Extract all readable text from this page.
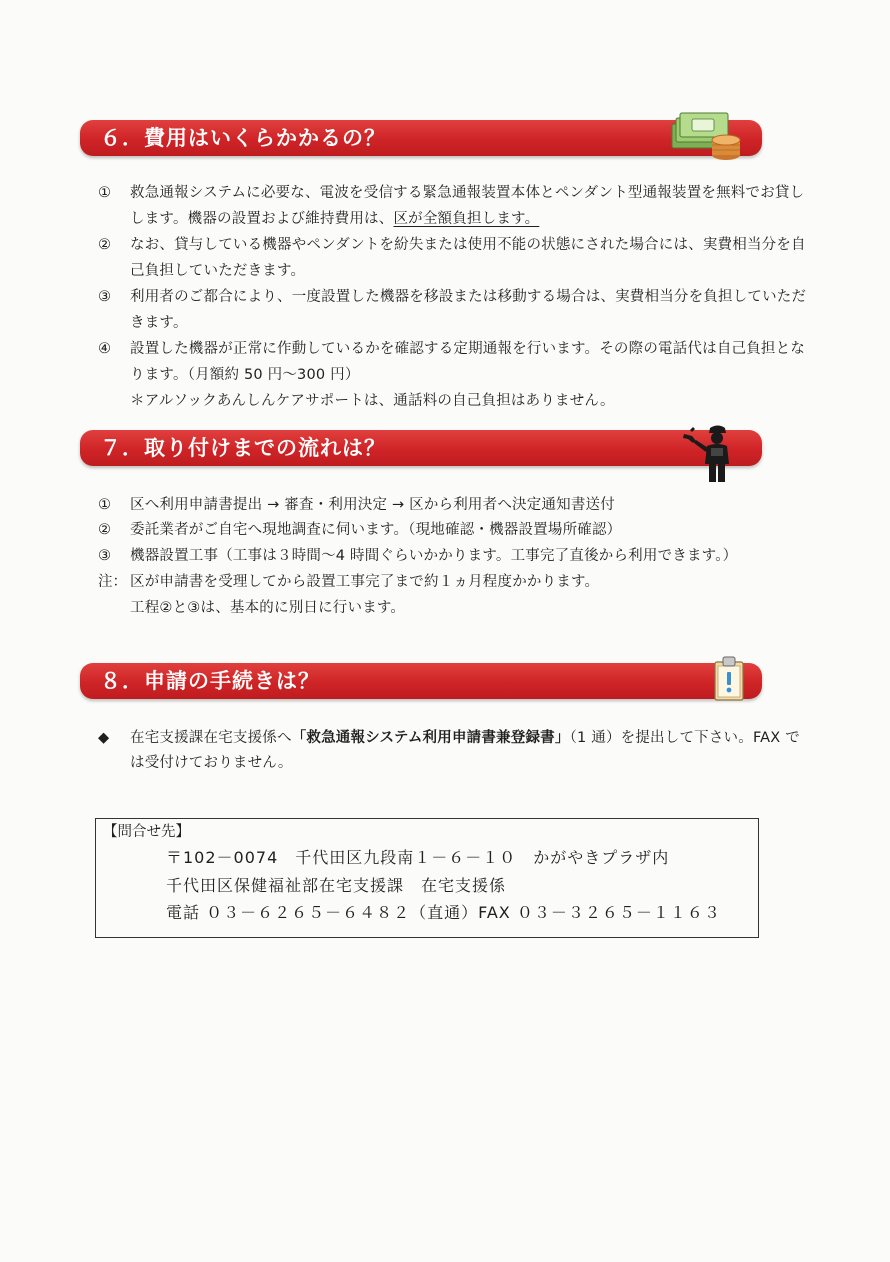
６．費用はいくらかかるの？
① 救急通報システムに必要な、電波を受信する緊急通報装置本体とペンダント型通報装置を無料でお貸し
します。機器の設置および維持費用は、区が全額負担します。
② なお、貸与している機器やペンダントを紛失または使用不能の状態にされた場合には、実費相当分を自
己負担していただきます。
③ 利用者のご都合により、一度設置した機器を移設または移動する場合は、実費相当分を負担していただ
きます。
④ 設置した機器が正常に作動しているかを確認する定期通報を行います。その際の電話代は自己負担とな
ります。（月額約 50 円～300 円）
＊アルソックあんしんケアサポートは、通話料の自己負担はありません。
７．取り付けまでの流れは？
① 区へ利用申請書提出 → 審査・利用決定 → 区から利用者へ決定通知書送付
② 委託業者がご自宅へ現地調査に伺います。（現地確認・機器設置場所確認）
③ 機器設置工事（工事は３時間～4 時間ぐらいかかります。工事完了直後から利用できます。）
注： 区が申請書を受理してから設置工事完了まで約１ヵ月程度かかります。
工程②と③は、基本的に別日に行います。
８．申請の手続きは？
◆ 在宅支援課在宅支援係へ「救急通報システム利用申請書兼登録書」（1 通）を提出して下さい。FAX で
は受付けておりません。
【問合せ先】
〒102－0074　千代田区九段南１－６－１０　かがやきプラザ内
千代田区保健福祉部在宅支援課　在宅支援係
電話 ０３－６２６５－６４８２（直通）FAX ０３－３２６５－１１６３
